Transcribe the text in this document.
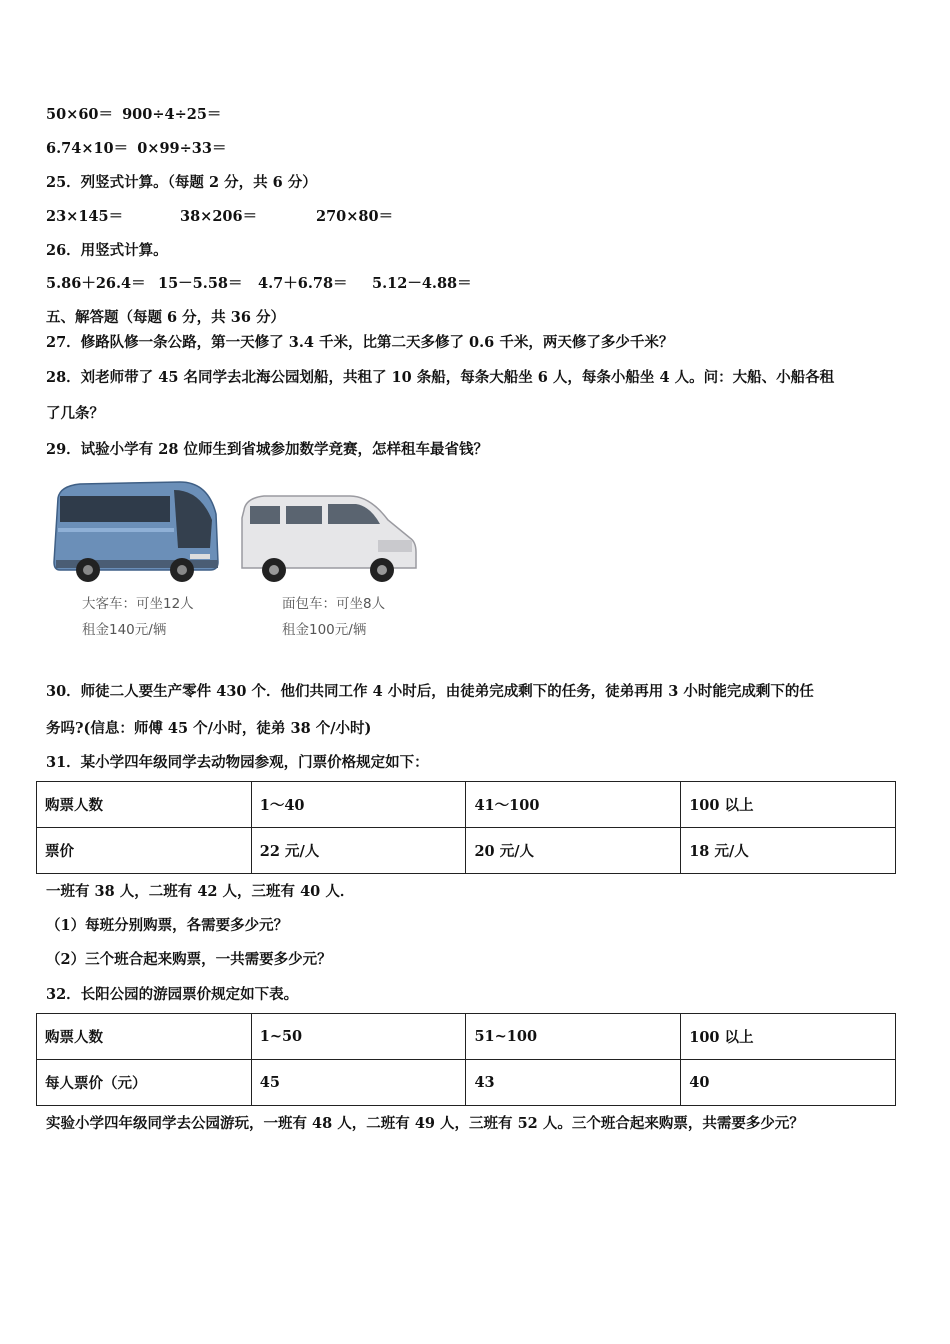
50×60＝ 900÷4÷25＝
6.74×10＝ 0×99÷33＝
25．列竖式计算。（每题 2 分，共 6 分）
23×145＝	38×206＝	270×80＝
26．用竖式计算。
5.86＋26.4＝ 15－5.58＝ 4.7＋6.78＝ 5.12－4.88＝
五、解答题（每题 6 分，共 36 分）
27．修路队修一条公路，第一天修了 3.4 千米，比第二天多修了 0.6 千米，两天修了多少千米？
28．刘老师带了 45 名同学去北海公园划船，共租了 10 条船，每条大船坐 6 人，每条小船坐 4 人。问：大船、小船各租
了几条？
29．试验小学有 28 位师生到省城参加数学竞赛，怎样租车最省钱？
大客车：可坐12人
租金140元/辆
面包车：可坐8人
租金100元/辆
30．师徒二人要生产零件 430 个．他们共同工作 4 小时后，由徒弟完成剩下的任务，徒弟再用 3 小时能完成剩下的任
务吗?(信息：师傅 45 个/小时，徒弟 38 个/小时)
31．某小学四年级同学去动物园参观，门票价格规定如下：
购票人数	1～40	41～100	100 以上
票价	22 元/人	20 元/人	18 元/人
一班有 38 人，二班有 42 人，三班有 40 人．
（1）每班分别购票，各需要多少元？
（2）三个班合起来购票，一共需要多少元？
32．长阳公园的游园票价规定如下表。
购票人数	1~50	51~100	100 以上
每人票价（元）	45	43	40
实验小学四年级同学去公园游玩，一班有 48 人，二班有 49 人，三班有 52 人。三个班合起来购票，共需要多少元？
